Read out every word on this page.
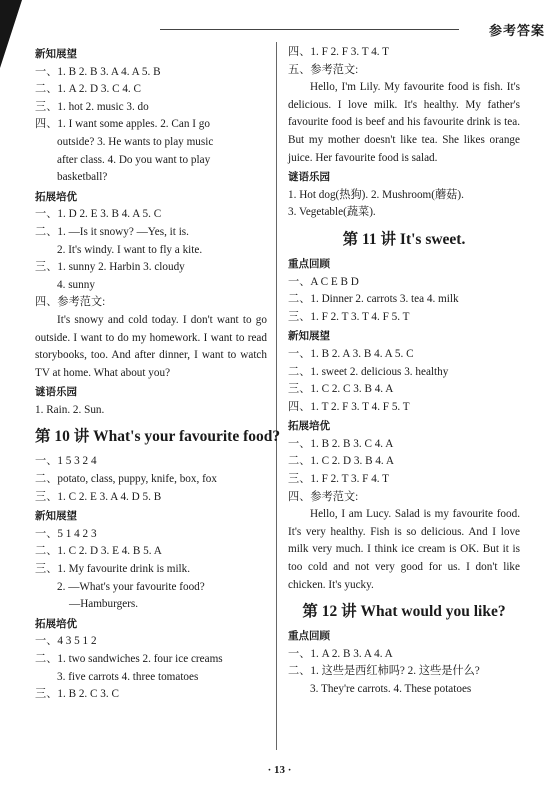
参考答案
新知展望
一、1. B 2. B 3. A 4. A 5. B
二、1. A 2. D 3. C 4. C
三、1. hot 2. music 3. do
四、1. I want some apples. 2. Can I go
outside? 3. He wants to play music
after class. 4. Do you want to play
basketball?
拓展培优
一、1. D 2. E 3. B 4. A 5. C
二、1. —Is it snowy? —Yes, it is.
2. It's windy. I want to fly a kite.
三、1. sunny 2. Harbin 3. cloudy
4. sunny
四、参考范文:
It's snowy and cold today. I don't want to go outside. I want to do my homework. I want to read storybooks, too. And after dinner, I want to watch TV at home. What about you?
谜语乐园
1. Rain. 2. Sun.
第 10 讲 What's your favourite food?
一、1 5 3 2 4
二、potato, class, puppy, knife, box, fox
三、1. C 2. E 3. A 4. D 5. B
新知展望
一、5 1 4 2 3
二、1. C 2. D 3. E 4. B 5. A
三、1. My favourite drink is milk.
2. —What's your favourite food?
—Hamburgers.
拓展培优
一、4 3 5 1 2
二、1. two sandwiches 2. four ice creams
3. five carrots 4. three tomatoes
三、1. B 2. C 3. C
四、1. F 2. F 3. T 4. T
五、参考范文:
Hello, I'm Lily. My favourite food is fish. It's delicious. I love milk. It's healthy. My father's favourite food is beef and his favourite drink is tea. But my mother doesn't like tea. She likes orange juice. Her favourite food is salad.
谜语乐园
1. Hot dog(热狗). 2. Mushroom(蘑菇).
3. Vegetable(蔬菜).
第 11 讲 It's sweet.
重点回顾
一、A C E B D
二、1. Dinner 2. carrots 3. tea 4. milk
三、1. F 2. T 3. T 4. F 5. T
新知展望
一、1. B 2. A 3. B 4. A 5. C
二、1. sweet 2. delicious 3. healthy
三、1. C 2. C 3. B 4. A
四、1. T 2. F 3. T 4. F 5. T
拓展培优
一、1. B 2. B 3. C 4. A
二、1. C 2. D 3. B 4. A
三、1. F 2. T 3. F 4. T
四、参考范文:
Hello, I am Lucy. Salad is my favourite food. It's very healthy. Fish is so delicious. And I love milk very much. I think ice cream is OK. But it is too cold and not very good for us. I don't like chicken. It's yucky.
第 12 讲 What would you like?
重点回顾
一、1. A 2. B 3. A 4. A
二、1. 这些是西红柿吗? 2. 这些是什么?
3. They're carrots. 4. These potatoes
· 13 ·
